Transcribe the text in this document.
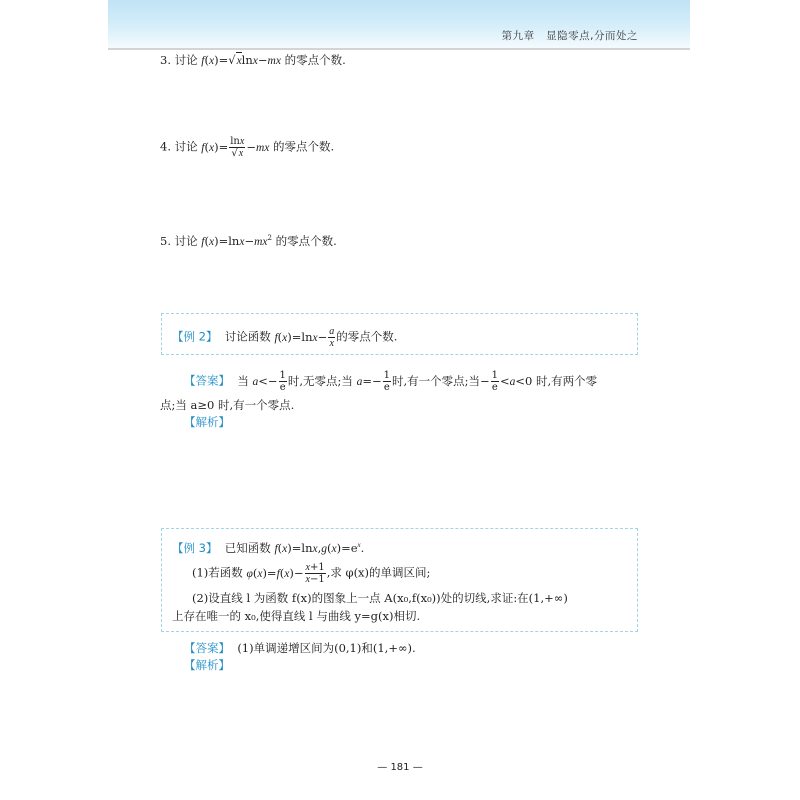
第九章 显隐零点,分而处之
3. 讨论 f(x)=√xlnx−mx 的零点个数.
4. 讨论 $f(x)= \frac{\ln x}{√x} -mx$ 的零点个数.
5. 讨论 $f(x)=\ln x-mx^2$ 的零点个数.
【例 2】 讨论函数 $f(x)=\ln x- \frac{a}{x}$ 的零点个数.
【答案】 当 $a<- \frac{1}{e}$ 时,无零点;当 $a=- \frac{1}{e}$ 时,有一个零点;当− $\frac{1}{e} <a<0$ 时,有两个零
点;当 a≥0 时,有一个零点.
【解析】
【例 3】 已知函数 $f(x)=\ln x,g(x)=e^x$.
(1)若函数 $\varphi(x)=f(x)- \frac{x+1}{x-1}$ ,求 φ(x)的单调区间;
(2)设直线 l 为函数 f(x)的图象上一点 A(x₀,f(x₀))处的切线,求证:在(1,+∞)
上存在唯一的 x₀,使得直线 l 与曲线 y=g(x)相切.
【答案】 (1)单调递增区间为(0,1)和(1,+∞).
【解析】
— 181 —
